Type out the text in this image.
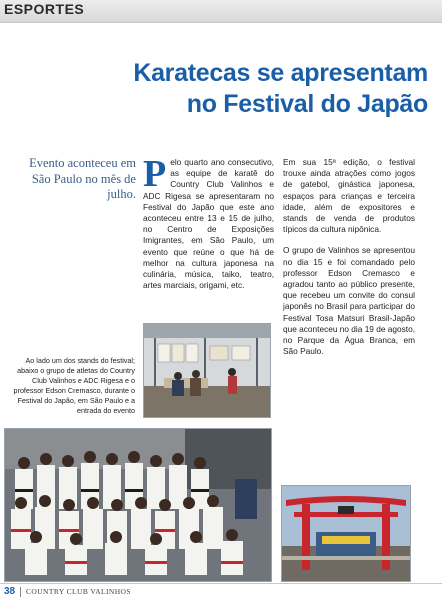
ESPORTES
Karatecas se apresentam
no Festival do Japão
Evento aconteceu em São Paulo no mês de julho. Pelo quarto ano consecutivo, as equipe de karatê do Country Club Valinhos e ADC Rigesa se apresentaram no Festival do Japão que este ano aconteceu entre 13 e 15 de julho, no Centro de Exposições Imigrantes, em São Paulo, um evento que reúne o que há de melhor na cultura japonesa na culinária, música, taiko, teatro, artes marciais, origami, etc.

Em sua 15ª edição, o festival trouxe ainda atrações como jogos de gatebol, ginástica japonesa, espaços para crianças e terceira idade, além de expositores e stands de venda de produtos típicos da cultura nipônica.

O grupo de Valinhos se apresentou no dia 15 e foi comandado pelo professor Edson Cremasco e agradou tanto ao público presente, que recebeu um convite do consul japonês no Brasil para participar do Festival Tosa Matsuri Brasil-Japão que aconteceu no dia 19 de agosto, no Parque da Água Branca, em São Paulo.

Ao lado um dos stands do festival; abaixo o grupo de atletas do Country Club Valinhos e ADC Rigesa e o professor Edson Cremasco, durante o Festival do Japão, em São Paulo e a entrada do evento
38 COUNTRY CLUB VALINHOS
